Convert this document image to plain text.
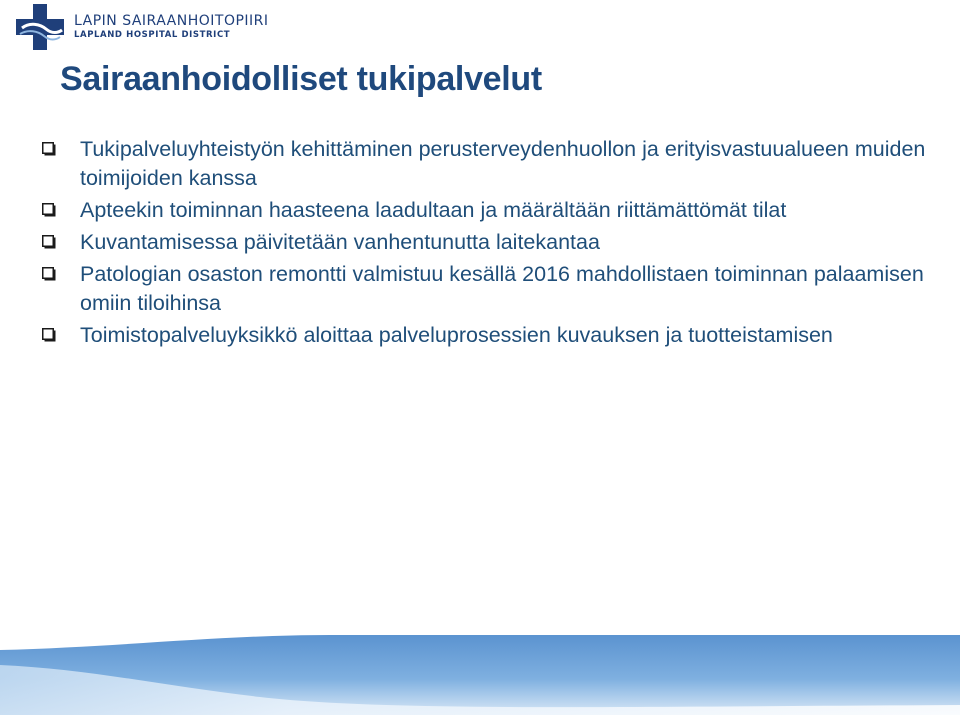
LAPIN SAIRAANHOITOPIIRI
LAPLAND HOSPITAL DISTRICT
Sairaanhoidolliset tukipalvelut
Tukipalveluyhteistyön kehittäminen perusterveydenhuollon ja erityisvastuualueen muiden toimijoiden kanssa
Apteekin toiminnan haasteena laadultaan ja määrältään riittämättömät tilat
Kuvantamisessa päivitetään vanhentunutta laitekantaa
Patologian osaston remontti valmistuu kesällä 2016 mahdollistaen toiminnan palaamisen omiin tiloihinsa
Toimistopalveluyksikkö aloittaa palveluprosessien kuvauksen ja tuotteistamisen
